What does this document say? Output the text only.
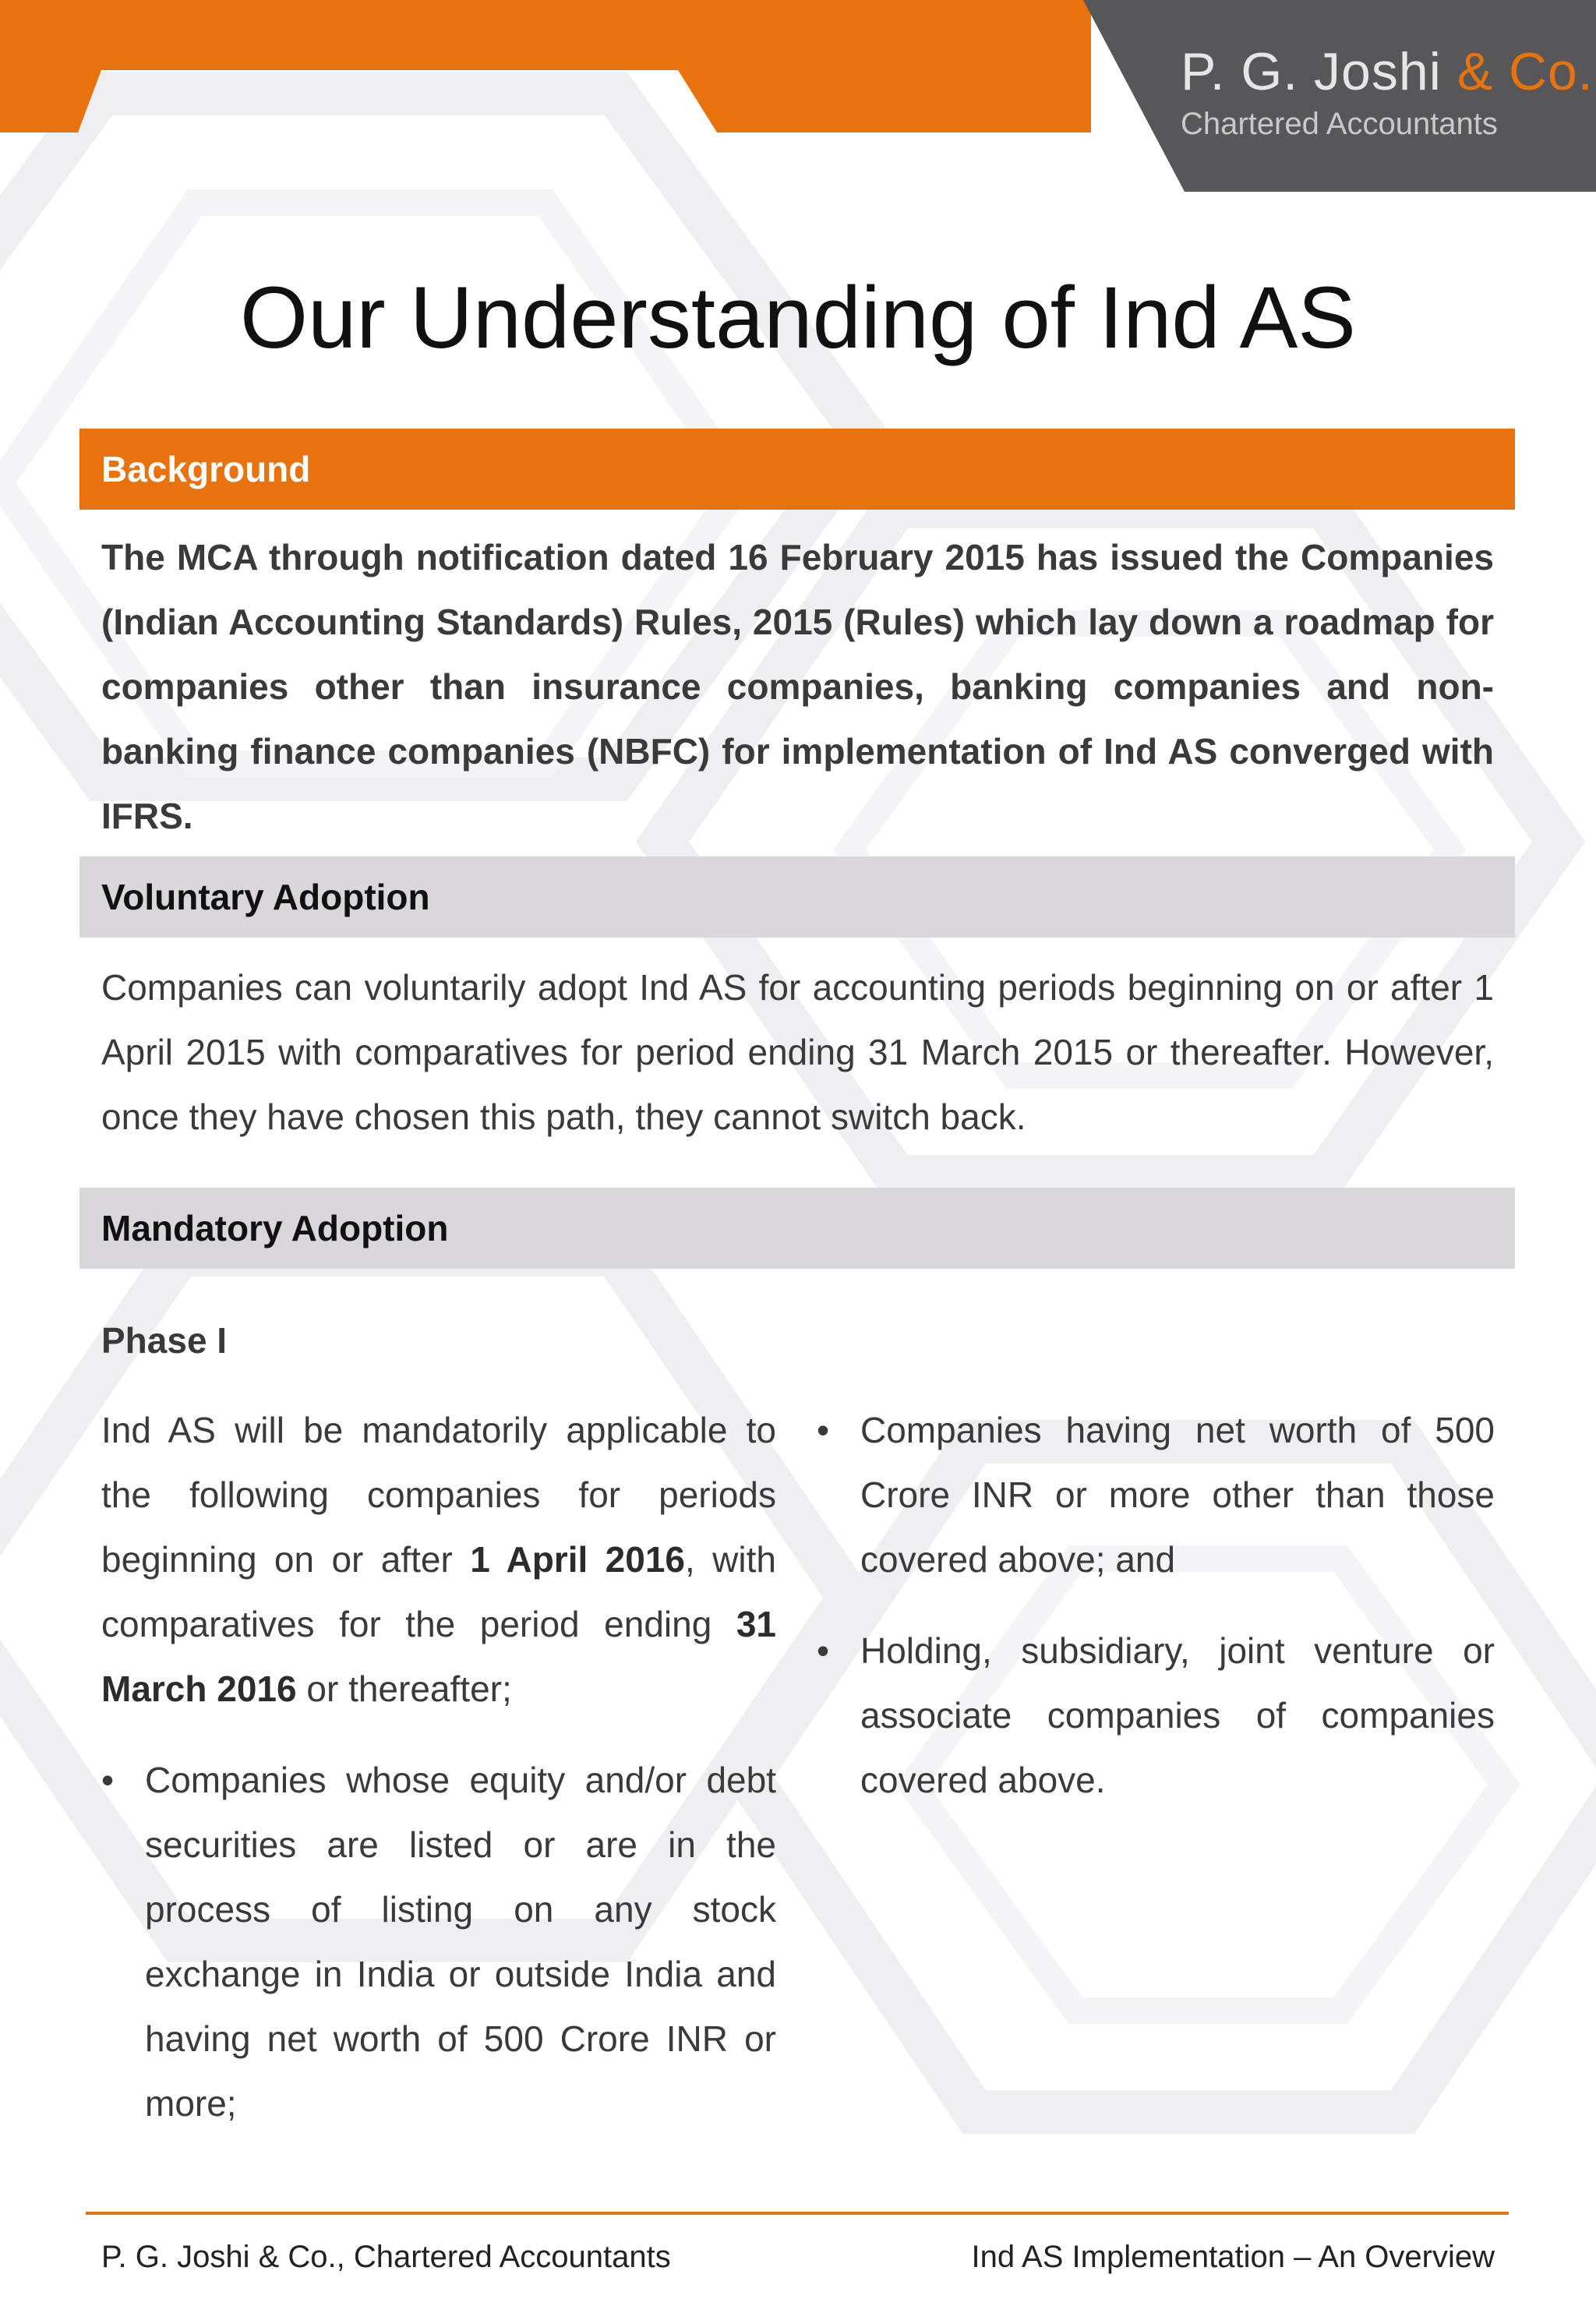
P. G. Joshi & Co.
Chartered Accountants
Our Understanding of Ind AS
Background

The MCA through notification dated 16 February 2015 has issued the Companies (Indian Accounting Standards) Rules, 2015 (Rules) which lay down a roadmap for companies other than insurance companies, banking companies and non-banking finance companies (NBFC) for implementation of Ind AS converged with IFRS.

Voluntary Adoption

Companies can voluntarily adopt Ind AS for accounting periods beginning on or after 1 April 2015 with comparatives for period ending 31 March 2015 or thereafter. However, once they have chosen this path, they cannot switch back.

Mandatory Adoption
Phase I

Ind AS will be mandatorily applicable to the following companies for periods beginning on or after 1 April 2016, with comparatives for the period ending 31 March 2016 or thereafter;

• Companies whose equity and/or debt securities are listed or are in the process of listing on any stock exchange in India or outside India and having net worth of 500 Crore INR or more;

• Companies having net worth of 500 Crore INR or more other than those covered above; and

• Holding, subsidiary, joint venture or associate companies of companies covered above.

P. G. Joshi & Co., Chartered Accountants	Ind AS Implementation – An Overview
